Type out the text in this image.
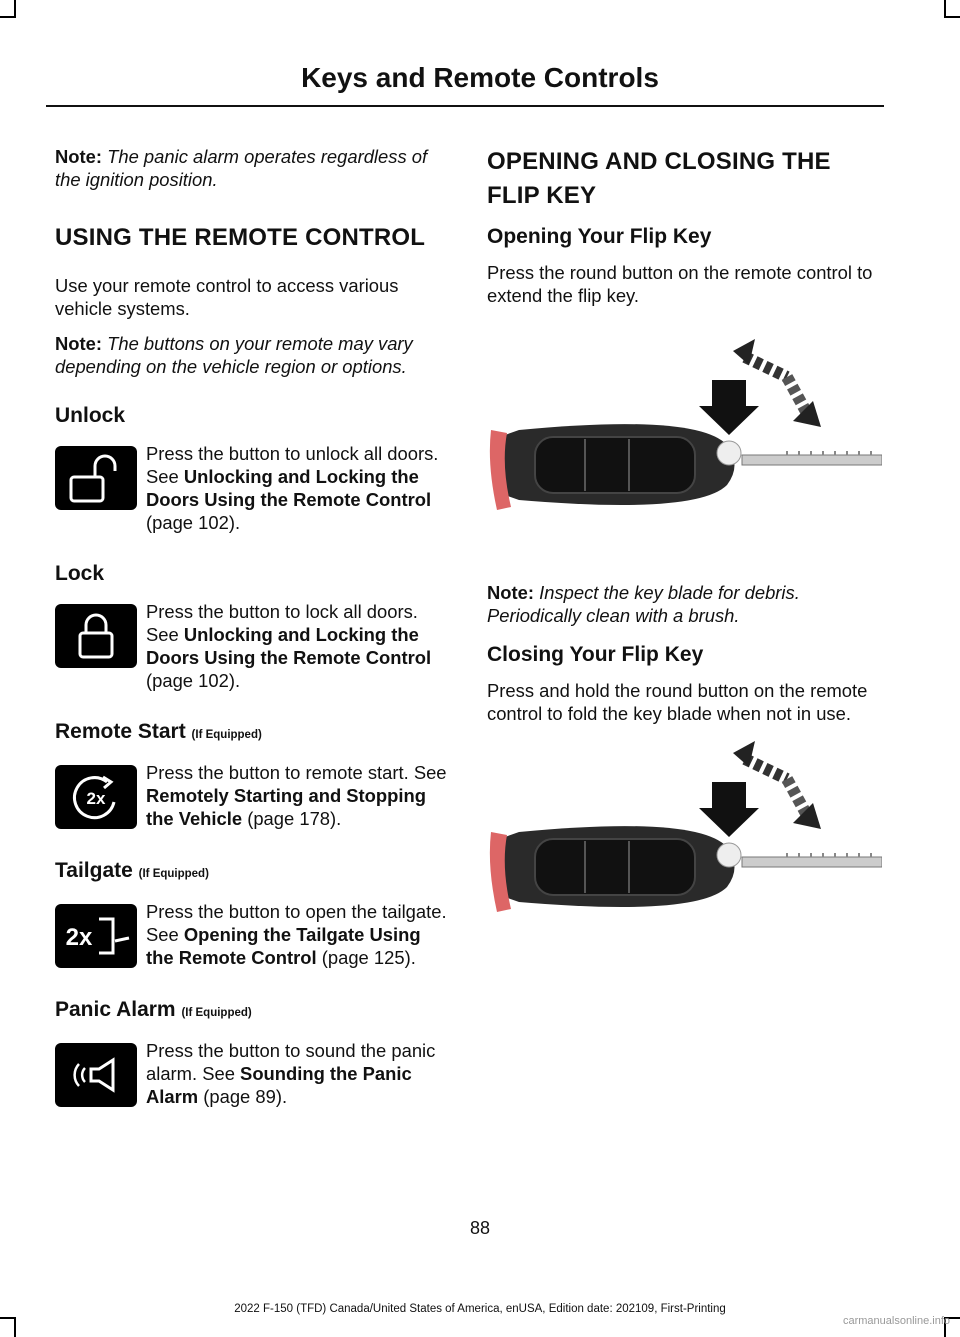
Keys and Remote Controls

Note: The panic alarm operates regardless of the ignition position.

USING THE REMOTE CONTROL

Use your remote control to access various vehicle systems.

Note: The buttons on your remote may vary depending on the vehicle region or options.

Unlock

Press the button to unlock all doors. See Unlocking and Locking the Doors Using the Remote Control (page 102).

Lock

Press the button to lock all doors. See Unlocking and Locking the Doors Using the Remote Control (page 102).

Remote Start (If Equipped)
2x

Press the button to remote start. See Remotely Starting and Stopping the Vehicle (page 178).

Tailgate (If Equipped)
2x

Press the button to open the tailgate. See Opening the Tailgate Using the Remote Control (page 125).

Panic Alarm (If Equipped)

Press the button to sound the panic alarm. See Sounding the Panic Alarm (page 89).

OPENING AND CLOSING THE FLIP KEY
Opening Your Flip Key

Press the round button on the remote control to extend the flip key.

Note: Inspect the key blade for debris. Periodically clean with a brush.

Closing Your Flip Key

Press and hold the round button on the remote control to fold the key blade when not in use.

88
2022 F-150 (TFD) Canada/United States of America, enUSA, Edition date: 202109, First-Printing
carmanualsonline.info
